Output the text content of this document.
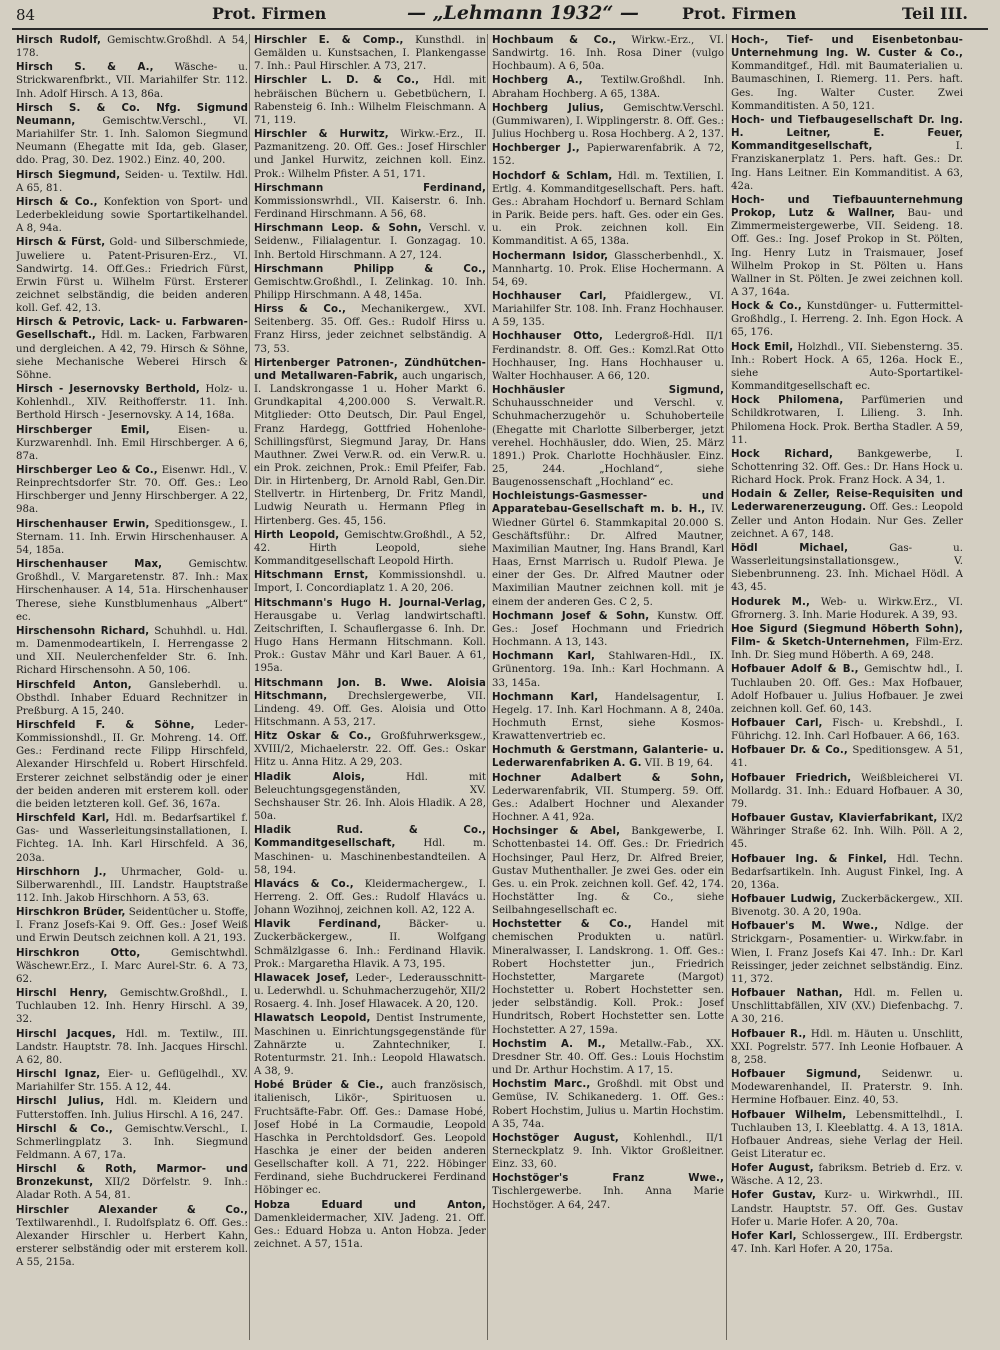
84	Prot. Firmen	— „Lehmann 1932“ —	Prot. Firmen	Teil III.
Hirsch Rudolf, Gemischtw.Großhdl. A 54, 178.
Hirsch S. & A., Wäsche- u. Strickwarenfbrkt., VII. Mariahilfer Str. 112. Inh. Adolf Hirsch. A 13, 86a.
Hirsch S. & Co. Nfg. Sigmund Neumann, Gemischtw.Verschl., VI. Mariahilfer Str. 1. Inh. Salomon Siegmund Neumann (Ehegatte mit Ida, geb. Glaser, ddo. Prag, 30. Dez. 1902.) Einz. 40, 200.
Hirsch Siegmund, Seiden- u. Textilw. Hdl. A 65, 81.
Hirsch & Co., Konfektion von Sport- und Lederbekleidung sowie Sportartikelhandel. A 8, 94a.
Hirsch & Fürst, Gold- und Silberschmiede, Juweliere u. Patent-Prisuren-Erz., VI. Sandwirtg. 14. Off.Ges.: Friedrich Fürst, Erwin Fürst u. Wilhelm Fürst. Ersterer zeichnet selbständig, die beiden anderen koll. Gef. 42, 13.
Hirsch & Petrovic, Lack- u. Farbwaren-Gesellschaft., Hdl. m. Lacken, Farbwaren und dergleichen. A 42, 79. Hirsch & Söhne, siehe Mechanische Weberei Hirsch & Söhne.
Hirsch - Jesernovsky Berthold, Holz- u. Kohlenhdl., XIV. Reithofferstr. 11. Inh. Berthold Hirsch - Jesernovsky. A 14, 168a.
Hirschberger Emil, Eisen- u. Kurzwarenhdl. Inh. Emil Hirschberger. A 6, 87a.
Hirschberger Leo & Co., Eisenwr. Hdl., V. Reinprechtsdorfer Str. 70. Off. Ges.: Leo Hirschberger und Jenny Hirschberger. A 22, 98a.
Hirschenhauser Erwin, Speditionsgew., I. Sternam. 11. Inh. Erwin Hirschenhauser. A 54, 185a.
Hirschenhauser Max, Gemischtw. Großhdl., V. Margaretenstr. 87. Inh.: Max Hirschenhauser. A 14, 51a. Hirschenhauser Therese, siehe Kunstblumenhaus „Albert“ ec.
Hirschensohn Richard, Schuhhdl. u. Hdl. m. Damenmodeartikeln, I. Herrengasse 2 und XII. Neulerchenfelder Str. 6. Inh. Richard Hirschensohn. A 50, 106.
Hirschfeld Anton, Gansleberhdl. u. Obsthdl. Inhaber Eduard Rechnitzer in Preßburg. A 15, 240.
Hirschfeld F. & Söhne, Leder-Kommissionshdl., II. Gr. Mohreng. 14. Off. Ges.: Ferdinand recte Filipp Hirschfeld, Alexander Hirschfeld u. Robert Hirschfeld. Ersterer zeichnet selbständig oder je einer der beiden anderen mit ersterem koll. oder die beiden letzteren koll. Gef. 36, 167a.
Hirschfeld Karl, Hdl. m. Bedarfsartikel f. Gas- und Wasserleitungsinstallationen, I. Fichteg. 1A. Inh. Karl Hirschfeld. A 36, 203a.
Hirschhorn J., Uhrmacher, Gold- u. Silberwarenhdl., III. Landstr. Hauptstraße 112. Inh. Jakob Hirschhorn. A 53, 63.
Hirschkron Brüder, Seidentücher u. Stoffe, I. Franz Josefs-Kai 9. Off. Ges.: Josef Weiß und Erwin Deutsch zeichnen koll. A 21, 193.
Hirschkron Otto, Gemischtwhdl. Wäschewr.Erz., I. Marc Aurel-Str. 6. A 73, 62.
Hirschl Henry, Gemischtw.Großhdl., I. Tuchlauben 12. Inh. Henry Hirschl. A 39, 32.
Hirschl Jacques, Hdl. m. Textilw., III. Landstr. Hauptstr. 78. Inh. Jacques Hirschl. A 62, 80.
Hirschl Ignaz, Eier- u. Geflügelhdl., XV. Mariahilfer Str. 155. A 12, 44.
Hirschl Julius, Hdl. m. Kleidern und Futterstoffen. Inh. Julius Hirschl. A 16, 247.
Hirschl & Co., Gemischtw.Verschl., I. Schmerlingplatz 3. Inh. Siegmund Feldmann. A 67, 17a.
Hirschl & Roth, Marmor- und Bronzekunst, XII/2 Dörfelstr. 9. Inh.: Aladar Roth. A 54, 81.
Hirschler Alexander & Co., Textilwarenhdl., I. Rudolfsplatz 6. Off. Ges.: Alexander Hirschler u. Herbert Kahn, ersterer selbständig oder mit ersterem koll. A 55, 215a.
Hirschler E. & Comp., Kunsthdl. in Gemälden u. Kunstsachen, I. Plankengasse 7. Inh.: Paul Hirschler. A 73, 217.
Hirschler L. D. & Co., Hdl. mit hebräischen Büchern u. Gebetbüchern, I. Rabensteig 6. Inh.: Wilhelm Fleischmann. A 71, 119.
Hirschler & Hurwitz, Wirkw.-Erz., II. Pazmanitzeng. 20. Off. Ges.: Josef Hirschler und Jankel Hurwitz, zeichnen koll. Einz. Prok.: Wilhelm Pfister. A 51, 171.
Hirschmann Ferdinand, Kommissionswrhdl., VII. Kaiserstr. 6. Inh. Ferdinand Hirschmann. A 56, 68.
Hirschmann Leop. & Sohn, Verschl. v. Seidenw., Filialagentur. I. Gonzagag. 10. Inh. Bertold Hirschmann. A 27, 124.
Hirschmann Philipp & Co., Gemischtw.Großhdl., I. Zelinkag. 10. Inh. Philipp Hirschmann. A 48, 145a.
Hirss & Co., Mechanikergew., XVI. Seitenberg. 35. Off. Ges.: Rudolf Hirss u. Franz Hirss, jeder zeichnet selbständig. A 73, 53.
Hirtenberger Patronen-, Zündhütchen- und Metallwaren-Fabrik, auch ungarisch, I. Landskrongasse 1 u. Hoher Markt 6. Grundkapital 4,200.000 S. Verwalt.R. Mitglieder: Otto Deutsch, Dir. Paul Engel, Franz Hardegg, Gottfried Hohenlohe-Schillingsfürst, Siegmund Jaray, Dr. Hans Mauthner. Zwei Verw.R. od. ein Verw.R. u. ein Prok. zeichnen, Prok.: Emil Pfeifer, Fab. Dir. in Hirtenberg, Dr. Arnold Rabl, Gen.Dir. Stellvertr. in Hirtenberg, Dr. Fritz Mandl, Ludwig Neurath u. Hermann Pfleg in Hirtenberg. Ges. 45, 156.
Hirth Leopold, Gemischtw.Großhdl., A 52, 42. Hirth Leopold, siehe Kommanditgesellschaft Leopold Hirth.
Hitschmann Ernst, Kommissionshdl. u. Import, I. Concordiaplatz 1. A 20, 206.
Hitschmann's Hugo H. Journal-Verlag, Herausgabe u. Verlag landwirtschaftl. Zeitschriften, I. Schauflergasse 6. Inh. Dr. Hugo Hans Hermann Hitschmann. Koll. Prok.: Gustav Mähr und Karl Bauer. A 61, 195a.
Hitschmann Jon. B. Wwe. Aloisia Hitschmann, Drechslergewerbe, VII. Lindeng. 49. Off. Ges. Aloisia und Otto Hitschmann. A 53, 217.
Hitz Oskar & Co., Großfuhrwerksgew., XVIII/2, Michaelerstr. 22. Off. Ges.: Oskar Hitz u. Anna Hitz. A 29, 203.
Hladik Alois, Hdl. mit Beleuchtungsgegenständen, XV. Sechshauser Str. 26. Inh. Alois Hladik. A 28, 50a.
Hladik Rud. & Co., Kommanditgesellschaft, Hdl. m. Maschinen- u. Maschinenbestandteilen. A 58, 194.
Hlavács & Co., Kleidermachergew., I. Herreng. 2. Off. Ges.: Rudolf Hlavács u. Johann Wozihnoj, zeichnen koll. A2, 122 A.
Hlavik Ferdinand, Bäcker- u. Zuckerbäckergew., II. Wolfgang Schmälzlgasse 6. Inh.: Ferdinand Hlavik. Prok.: Margaretha Hlavik. A 73, 195.
Hlawacek Josef, Leder-, Lederausschnitt- u. Lederwhdl. u. Schuhmacherzugehör, XII/2 Rosaerg. 4. Inh. Josef Hlawacek. A 20, 120.
Hlawatsch Leopold, Dentist Instrumente, Maschinen u. Einrichtungsgegenstände für Zahnärzte u. Zahntechniker, I. Rotenturmstr. 21. Inh.: Leopold Hlawatsch. A 38, 9.
Hobé Brüder & Cie., auch französisch, italienisch, Likör-, Spirituosen u. Fruchtsäfte-Fabr. Off. Ges.: Damase Hobé, Josef Hobé in La Cormaudie, Leopold Haschka in Perchtoldsdorf. Ges. Leopold Haschka je einer der beiden anderen Gesellschafter koll. A 71, 222. Höbinger Ferdinand, siehe Buchdruckerei Ferdinand Höbinger ec.
Hobza Eduard und Anton, Damenkleidermacher, XIV. Jadeng. 21. Off. Ges.: Eduard Hobza u. Anton Hobza. Jeder zeichnet. A 57, 151a.
Hochbaum & Co., Wirkw.-Erz., VI. Sandwirtg. 16. Inh. Rosa Diner (vulgo Hochbaum). A 6, 50a.
Hochberg A., Textilw.Großhdl. Inh. Abraham Hochberg. A 65, 138A.
Hochberg Julius, Gemischtw.Verschl. (Gummiwaren), I. Wipplingerstr. 8. Off. Ges.: Julius Hochberg u. Rosa Hochberg. A 2, 137.
Hochberger J., Papierwarenfabrik. A 72, 152.
Hochdorf & Schlam, Hdl. m. Textilien, I. Ertlg. 4. Kommanditgesellschaft. Pers. haft. Ges.: Abraham Hochdorf u. Bernard Schlam in Parik. Beide pers. haft. Ges. oder ein Ges. u. ein Prok. zeichnen koll. Ein Kommanditist. A 65, 138a.
Hochermann Isidor, Glasscherbenhdl., X. Mannhartg. 10. Prok. Elise Hochermann. A 54, 69.
Hochhauser Carl, Pfaidlergew., VI. Mariahilfer Str. 108. Inh. Franz Hochhauser. A 59, 135.
Hochhauser Otto, Ledergroß-Hdl. II/1 Ferdinandstr. 8. Off. Ges.: Komzl.Rat Otto Hochhauser, Ing. Hans Hochhauser u. Walter Hochhauser. A 66, 120.
Hochhäusler Sigmund, Schuhausschneider und Verschl. v. Schuhmacherzugehör u. Schuhoberteile (Ehegatte mit Charlotte Silberberger, jetzt verehel. Hochhäusler, ddo. Wien, 25. März 1891.) Prok. Charlotte Hochhäusler. Einz. 25, 244. „Hochland“, siehe Baugenossenschaft „Hochland“ ec.
Hochleistungs-Gasmesser- und Apparatebau-Gesellschaft m. b. H., IV. Wiedner Gürtel 6. Stammkapital 20.000 S. Geschäftsführ.: Dr. Alfred Mautner, Maximilian Mautner, Ing. Hans Brandl, Karl Haas, Ernst Marrisch u. Rudolf Plewa. Je einer der Ges. Dr. Alfred Mautner oder Maximilian Mautner zeichnen koll. mit je einem der anderen Ges. C 2, 5.
Hochmann Josef & Sohn, Kunstw. Off. Ges.: Josef Hochmann und Friedrich Hochmann. A 13, 143.
Hochmann Karl, Stahlwaren-Hdl., IX. Grünentorg. 19a. Inh.: Karl Hochmann. A 33, 145a.
Hochmann Karl, Handelsagentur, I. Hegelg. 17. Inh. Karl Hochmann. A 8, 240a. Hochmuth Ernst, siehe Kosmos-Krawattenvertrieb ec.
Hochmuth & Gerstmann, Galanterie- u. Lederwarenfabriken A. G. VII. B 19, 64.
Hochner Adalbert & Sohn, Lederwarenfabrik, VII. Stumperg. 59. Off. Ges.: Adalbert Hochner und Alexander Hochner. A 41, 92a.
Hochsinger & Abel, Bankgewerbe, I. Schottenbastei 14. Off. Ges.: Dr. Friedrich Hochsinger, Paul Herz, Dr. Alfred Breier, Gustav Muthenthaller. Je zwei Ges. oder ein Ges. u. ein Prok. zeichnen koll. Gef. 42, 174. Hochstätter Ing. & Co., siehe Seilbahngesellschaft ec.
Hochstetter & Co., Handel mit chemischen Produkten u. natürl. Mineralwasser, I. Landskrong. 1. Off. Ges.: Robert Hochstetter jun., Friedrich Hochstetter, Margarete (Margot) Hochstetter u. Robert Hochstetter sen. jeder selbständig. Koll. Prok.: Josef Hundritsch, Robert Hochstetter sen. Lotte Hochstetter. A 27, 159a.
Hochstim A. M., Metallw.-Fab., XX. Dresdner Str. 40. Off. Ges.: Louis Hochstim und Dr. Arthur Hochstim. A 17, 15.
Hochstim Marc., Großhdl. mit Obst und Gemüse, IV. Schikanederg. 1. Off. Ges.: Robert Hochstim, Julius u. Martin Hochstim. A 35, 74a.
Hochstöger August, Kohlenhdl., II/1 Sterneckplatz 9. Inh. Viktor Großleitner. Einz. 33, 60.
Hochstöger's Franz Wwe., Tischlergewerbe. Inh. Anna Marie Hochstöger. A 64, 247.
Hoch-, Tief- und Eisenbetonbau-Unternehmung Ing. W. Custer & Co., Kommanditgef., Hdl. mit Baumaterialien u. Baumaschinen, I. Riemerg. 11. Pers. haft. Ges. Ing. Walter Custer. Zwei Kommanditisten. A 50, 121.
Hoch- und Tiefbaugesellschaft Dr. Ing. H. Leitner, E. Feuer, Kommanditgesellschaft, I. Franziskanerplatz 1. Pers. haft. Ges.: Dr. Ing. Hans Leitner. Ein Kommanditist. A 63, 42a.
Hoch- und Tiefbauunternehmung Prokop, Lutz & Wallner, Bau- und Zimmermeistergewerbe, VII. Seideng. 18. Off. Ges.: Ing. Josef Prokop in St. Pölten, Ing. Henry Lutz in Traismauer, Josef Wilhelm Prokop in St. Pölten u. Hans Wallner in St. Pölten. Je zwei zeichnen koll. A 37, 164a.
Hock & Co., Kunstdünger- u. Futtermittel-Großhdlg., I. Herreng. 2. Inh. Egon Hock. A 65, 176.
Hock Emil, Holzhdl., VII. Siebensterng. 35. Inh.: Robert Hock. A 65, 126a. Hock E., siehe Auto-Sportartikel-Kommanditgesellschaft ec.
Hock Philomena, Parfümerien und Schildkrotwaren, I. Lilieng. 3. Inh. Philomena Hock. Prok. Bertha Stadler. A 59, 11.
Hock Richard, Bankgewerbe, I. Schottenring 32. Off. Ges.: Dr. Hans Hock u. Richard Hock. Prok. Franz Hock. A 34, 1.
Hodain & Zeller, Reise-Requisiten und Lederwarenerzeugung. Off. Ges.: Leopold Zeller und Anton Hodain. Nur Ges. Zeller zeichnet. A 67, 148.
Hödl Michael, Gas- u. Wasserleitungsinstallationsgew., V. Siebenbrunneng. 23. Inh. Michael Hödl. A 43, 45.
Hodurek M., Web- u. Wirkw.Erz., VI. Gfrornerg. 3. Inh. Marie Hodurek. A 39, 93.
Hoe Sigurd (Siegmund Höberth Sohn), Film- & Sketch-Unternehmen, Film-Erz. Inh. Dr. Sieg mund Höberth. A 69, 248.
Hofbauer Adolf & B., Gemischtw hdl., I. Tuchlauben 20. Off. Ges.: Max Hofbauer, Adolf Hofbauer u. Julius Hofbauer. Je zwei zeichnen koll. Gef. 60, 143.
Hofbauer Carl, Fisch- u. Krebshdl., I. Führichg. 12. Inh. Carl Hofbauer. A 66, 163.
Hofbauer Dr. & Co., Speditionsgew. A 51, 41.
Hofbauer Friedrich, Weißbleicherei VI. Mollardg. 31. Inh.: Eduard Hofbauer. A 30, 79.
Hofbauer Gustav, Klavierfabrikant, IX/2 Währinger Straße 62. Inh. Wilh. Pöll. A 2, 45.
Hofbauer Ing. & Finkel, Hdl. Techn. Bedarfsartikeln. Inh. August Finkel, Ing. A 20, 136a.
Hofbauer Ludwig, Zuckerbäckergew., XII. Bivenotg. 30. A 20, 190a.
Hofbauer's M. Wwe., Ndlge. der Strickgarn-, Posamentier- u. Wirkw.fabr. in Wien, I. Franz Josefs Kai 47. Inh.: Dr. Karl Reissinger, jeder zeichnet selbständig. Einz. 11, 372.
Hofbauer Nathan, Hdl. m. Fellen u. Unschlittabfällen, XIV (XV.) Diefenbachg. 7. A 30, 216.
Hofbauer R., Hdl. m. Häuten u. Unschlitt, XXI. Pogrelstr. 577. Inh Leonie Hofbauer. A 8, 258.
Hofbauer Sigmund, Seidenwr. u. Modewarenhandel, II. Praterstr. 9. Inh. Hermine Hofbauer. Einz. 40, 53.
Hofbauer Wilhelm, Lebensmittelhdl., I. Tuchlauben 13, I. Kleeblattg. 4. A 13, 181A. Hofbauer Andreas, siehe Verlag der Heil. Geist Literatur ec.
Hofer August, fabriksm. Betrieb d. Erz. v. Wäsche. A 12, 23.
Hofer Gustav, Kurz- u. Wirkwrhdl., III. Landstr. Hauptstr. 57. Off. Ges. Gustav Hofer u. Marie Hofer. A 20, 70a.
Hofer Karl, Schlossergew., III. Erdbergstr. 47. Inh. Karl Hofer. A 20, 175a.
